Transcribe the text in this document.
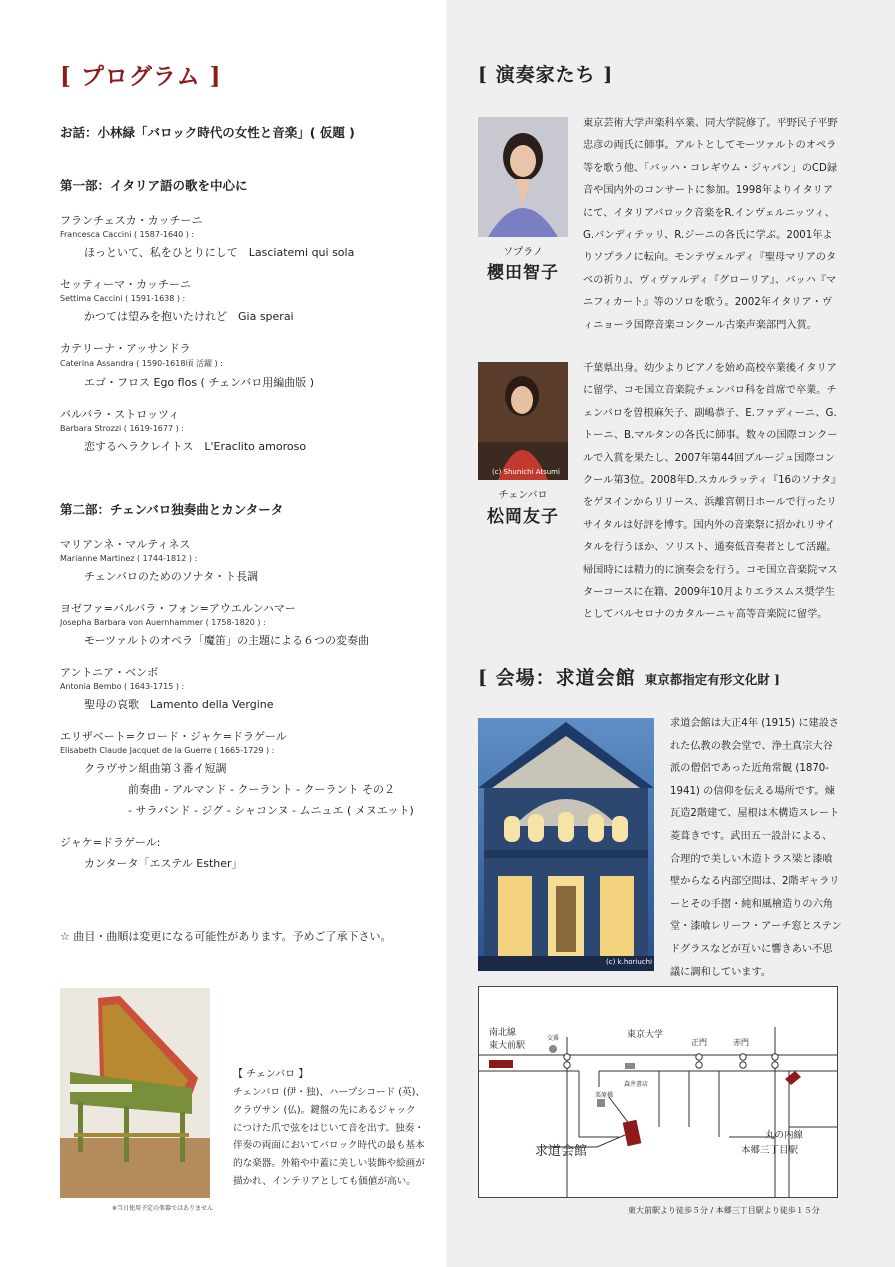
[ プログラム ]
お話：小林緑「バロック時代の女性と音楽」( 仮題 )
第一部：イタリア語の歌を中心に
フランチェスカ・カッチーニ
Francesca Caccini ( 1587-1640 ) :
ほっといて、私をひとりにして　Lasciatemi qui sola
セッティーマ・カッチーニ
Settima Caccini ( 1591-1638 ) :
かつては望みを抱いたけれど　Gia sperai
カテリーナ・アッサンドラ
Caterina Assandra ( 1590-1618頃 活躍 ) :
エゴ・フロス Ego flos ( チェンバロ用編曲版 )
バルバラ・ストロッツィ
Barbara Strozzi ( 1619-1677 ) :
恋するヘラクレイトス　L'Eraclito amoroso
第二部：チェンバロ独奏曲とカンタータ
マリアンネ・マルティネス
Marianne Martinez ( 1744-1812 ) :
チェンバロのためのソナタ・ト長調
ヨゼファ=バルバラ・フォン=アウエルンハマー
Josepha Barbara von Auernhammer ( 1758-1820 ) :
モーツァルトのオペラ「魔笛」の主題による６つの変奏曲
アントニア・ベンボ
Antonia Bembo ( 1643-1715 ) :
聖母の哀歌　Lamento della Vergine
エリザベート=クロード・ジャケ=ドラゲール
Elisabeth Claude Jacquet de la Guerre ( 1665-1729 ) :
クラヴサン組曲第３番イ短調
前奏曲 - アルマンド - クーラント - クーラント その２
- サラバンド - ジグ - シャコンヌ - ムニュエ ( メヌエット)
ジャケ=ドラゲール:
カンタータ「エステル Esther」
☆ 曲目・曲順は変更になる可能性があります。予めご了承下さい。
※当日使用予定の楽器ではありません
【 チェンバロ 】
チェンバロ (伊・独)、ハープシコード (英)、クラヴサン (仏)。鍵盤の先にあるジャックにつけた爪で弦をはじいて音を出す。独奏・伴奏の両面においてバロック時代の最も基本的な楽器。外箱や中蓋に美しい装飾や絵画が描かれ、インテリアとしても価値が高い。
[ 演奏家たち ]
ソプラノ
櫻田智子
東京芸術大学声楽科卒業、同大学院修了。平野民子平野忠彦の両氏に師事。アルトとしてモーツァルトのオペラ等を歌う他、「バッハ・コレギウム・ジャパン」のCD録音や国内外のコンサートに参加。1998年よりイタリアにて、イタリアバロック音楽をR.インヴェルニッツィ、G.バンディテッリ、R.ジーニの各氏に学ぶ。2001年よりソプラノに転向。モンテヴェルディ『聖母マリアのタベの祈り』、ヴィヴァルディ『グローリア』、バッハ『マニフィカート』等のソロを歌う。2002年イタリア・ヴィニョーラ国際音楽コンクール古楽声楽部門入賞。
(c) Shunichi Atsumi
チェンバロ
松岡友子
千葉県出身。幼少よりピアノを始め高校卒業後イタリアに留学、コモ国立音楽院チェンバロ科を首席で卒業。チェンバロを曽根麻矢子、副嶋恭子、E.ファディーニ、G.トーニ、B.マルタンの各氏に師事。数々の国際コンクールで入賞を果たし、2007年第44回ブルージュ国際コンクール第3位。2008年D.スカルラッティ『16のソナタ』をゲヌインからリリース、浜離宮朝日ホールで行ったリサイタルは好評を博す。国内外の音楽祭に招かれリサイタルを行うほか、ソリスト、通奏低音奏者として活躍。帰国時には精力的に演奏会を行う。コモ国立音楽院マスターコースに在籍、2009年10月よりエラスムス奨学生としてバルセロナのカタルーニャ高等音楽院に留学。
[ 会場：求道会館 東京都指定有形文化財 ]
(c) k.horiuchi
求道会館は大正4年 (1915) に建設された仏教の教会堂で、浄土真宗大谷派の僧侶であった近角常観 (1870-1941) の信仰を伝える場所です。煉瓦造2階建て、屋根は木構造スレート菱葺きです。武田五一設計による、合理的で美しい木造トラス梁と漆喰壁からなる内部空間は、2階ギャラリーとその手摺・純和風檜造りの六角堂・漆喰レリーフ・アーチ窓とステンドグラスなどが互いに響きあい不思議に調和しています。
南北線
東大前駅
交番	東京大学
正門	赤門
森井書店
栗原橋
求道会館
丸の内線
本郷三丁目駅
東大前駅より徒歩５分 / 本郷三丁目駅より徒歩１５分
